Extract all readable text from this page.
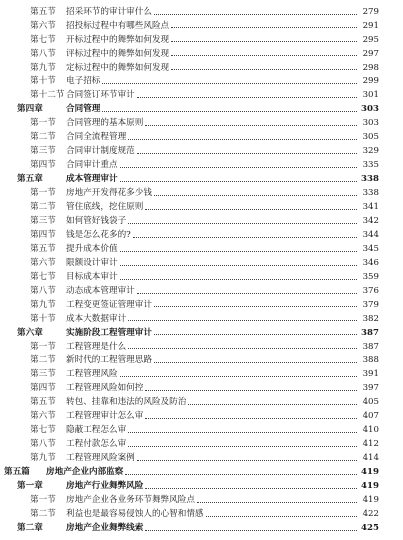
第五节	招采环节的审计审什么	279
第六节	招投标过程中有哪些风险点	291
第七节	开标过程中的舞弊如何发现	295
第八节	评标过程中的舞弊如何发现	297
第九节	定标过程中的舞弊如何发现	298
第十节	电子招标	299
第十二节 合同签订环节审计	301
第四章	合同管理	303
第一节	合同管理的基本原则	303
第二节	合同全流程管理	305
第三节	合同审计制度规范	329
第四节	合同审计重点	335
第五章	成本管理审计	338
第一节	房地产开发得花多少钱	338
第二节	管住底线，挖住原则	341
第三节	如何管好钱袋子	342
第四节	钱是怎么花多的?	344
第五节	提升成本价值	345
第六节	限额设计审计	346
第七节	目标成本审计	359
第八节	动态成本管理审计	376
第九节	工程变更签证管理审计	379
第十节	成本大数据审计	382
第六章	实施阶段工程管理审计	387
第一节	工程管理是什么	387
第二节	新时代的工程管理思路	388
第三节	工程管理风险	391
第四节	工程管理风险如何控	397
第五节	转包、挂靠和违法的风险及防治	405
第六节	工程管理审计怎么审	407
第七节	隐蔽工程怎么审	410
第八节	工程付款怎么审	412
第九节	工程管理风险案例	414
第五篇	房地产企业内部监察	419
第一章	房地产行业舞弊风险	419
第一节	房地产企业各业务环节舞弊风险点	419
第二节	利益也是最容易侵蚀人的心智和情感	422
第二章	房地产企业舞弊线索	425
